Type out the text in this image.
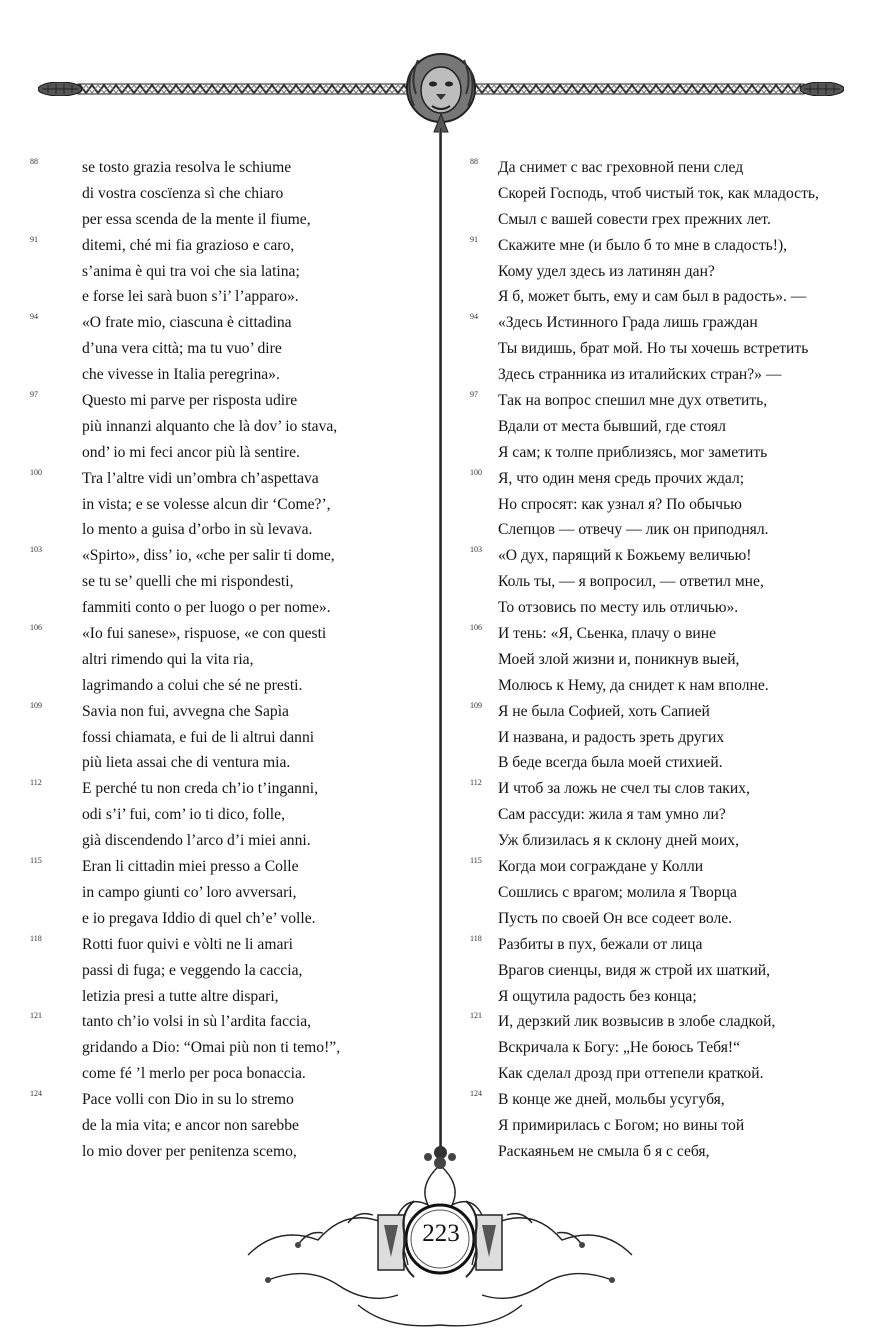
88	se tosto grazia resolva le schiume
di vostra coscïenza sì che chiaro
per essa scenda de la mente il fiume,
91	ditemi, ché mi fia grazioso e caro,
s’anima è qui tra voi che sia latina;
e forse lei sarà buon s’i’ l’apparo».
94	«O frate mio, ciascuna è cittadina
d’una vera città; ma tu vuo’ dire
che vivesse in Italia peregrina».
97	Questo mi parve per risposta udire
più innanzi alquanto che là dov’ io stava,
ond’ io mi feci ancor più là sentire.
100	Tra l’altre vidi un’ombra ch’aspettava
in vista; e se volesse alcun dir ‘Come?’,
lo mento a guisa d’orbo in sù levava.
103	«Spirto», diss’ io, «che per salir ti dome,
se tu se’ quelli che mi rispondesti,
fammiti conto o per luogo o per nome».
106	«Io fui sanese», rispuose, «e con questi
altri rimendo qui la vita ria,
lagrimando a colui che sé ne presti.
109	Savia non fui, avvegna che Sapìa
fossi chiamata, e fui de li altrui danni
più lieta assai che di ventura mia.
112	E perché tu non creda ch’io t’inganni,
odi s’i’ fui, com’ io ti dico, folle,
già discendendo l’arco d’i miei anni.
115	Eran li cittadin miei presso a Colle
in campo giunti co’ loro avversari,
e io pregava Iddio di quel ch’e’ volle.
118	Rotti fuor quivi e vòlti ne li amari
passi di fuga; e veggendo la caccia,
letizia presi a tutte altre dispari,
121	tanto ch’io volsi in sù l’ardita faccia,
gridando a Dio: “Omai più non ti temo!”,
come fé ’l merlo per poca bonaccia.
124	Pace volli con Dio in su lo stremo
de la mia vita; e ancor non sarebbe
lo mio dover per penitenza scemo,
88	Да снимет с вас греховной пени след
Скорей Господь, чтоб чистый ток, как младость,
Смыл с вашей совести грех прежних лет.
91	Скажите мне (и было б то мне в сладость!),
Кому удел здесь из латинян дан?
Я б, может быть, ему и сам был в радость». —
94	«Здесь Истинного Града лишь граждан
Ты видишь, брат мой. Но ты хочешь встретить
Здесь странника из италийских стран?» —
97	Так на вопрос спешил мне дух ответить,
Вдали от места бывший, где стоял
Я сам; к толпе приблизясь, мог заметить
100	Я, что один меня средь прочих ждал;
Но спросят: как узнал я? По обычью
Слепцов — отвечу — лик он приподнял.
103	«О дух, парящий к Божьему величью!
Коль ты, — я вопросил, — ответил мне,
То отзовись по месту иль отличью».
106	И тень: «Я, Сьенка, плачу о вине
Моей злой жизни и, поникнув выей,
Молюсь к Нему, да снидет к нам вполне.
109	Я не была Софией, хоть Сапией
И названа, и радость зреть других
В беде всегда была моей стихией.
112	И чтоб за ложь не счел ты слов таких,
Сам рассуди: жила я там умно ли?
Уж близилась я к склону дней моих,
115	Когда мои сограждане у Колли
Сошлись с врагом; молила я Творца
Пусть по своей Он все содеет воле.
118	Разбиты в пух, бежали от лица
Врагов сиенцы, видя ж строй их шаткий,
Я ощутила радость без конца;
121	И, дерзкий лик возвысив в злобе сладкой,
Вскричала к Богу: „Не боюсь Тебя!“
Как сделал дрозд при оттепели краткой.
124	В конце же дней, мольбы усугубя,
Я примирилась с Богом; но вины той
Раскаяньем не смыла б я с себя,
223
